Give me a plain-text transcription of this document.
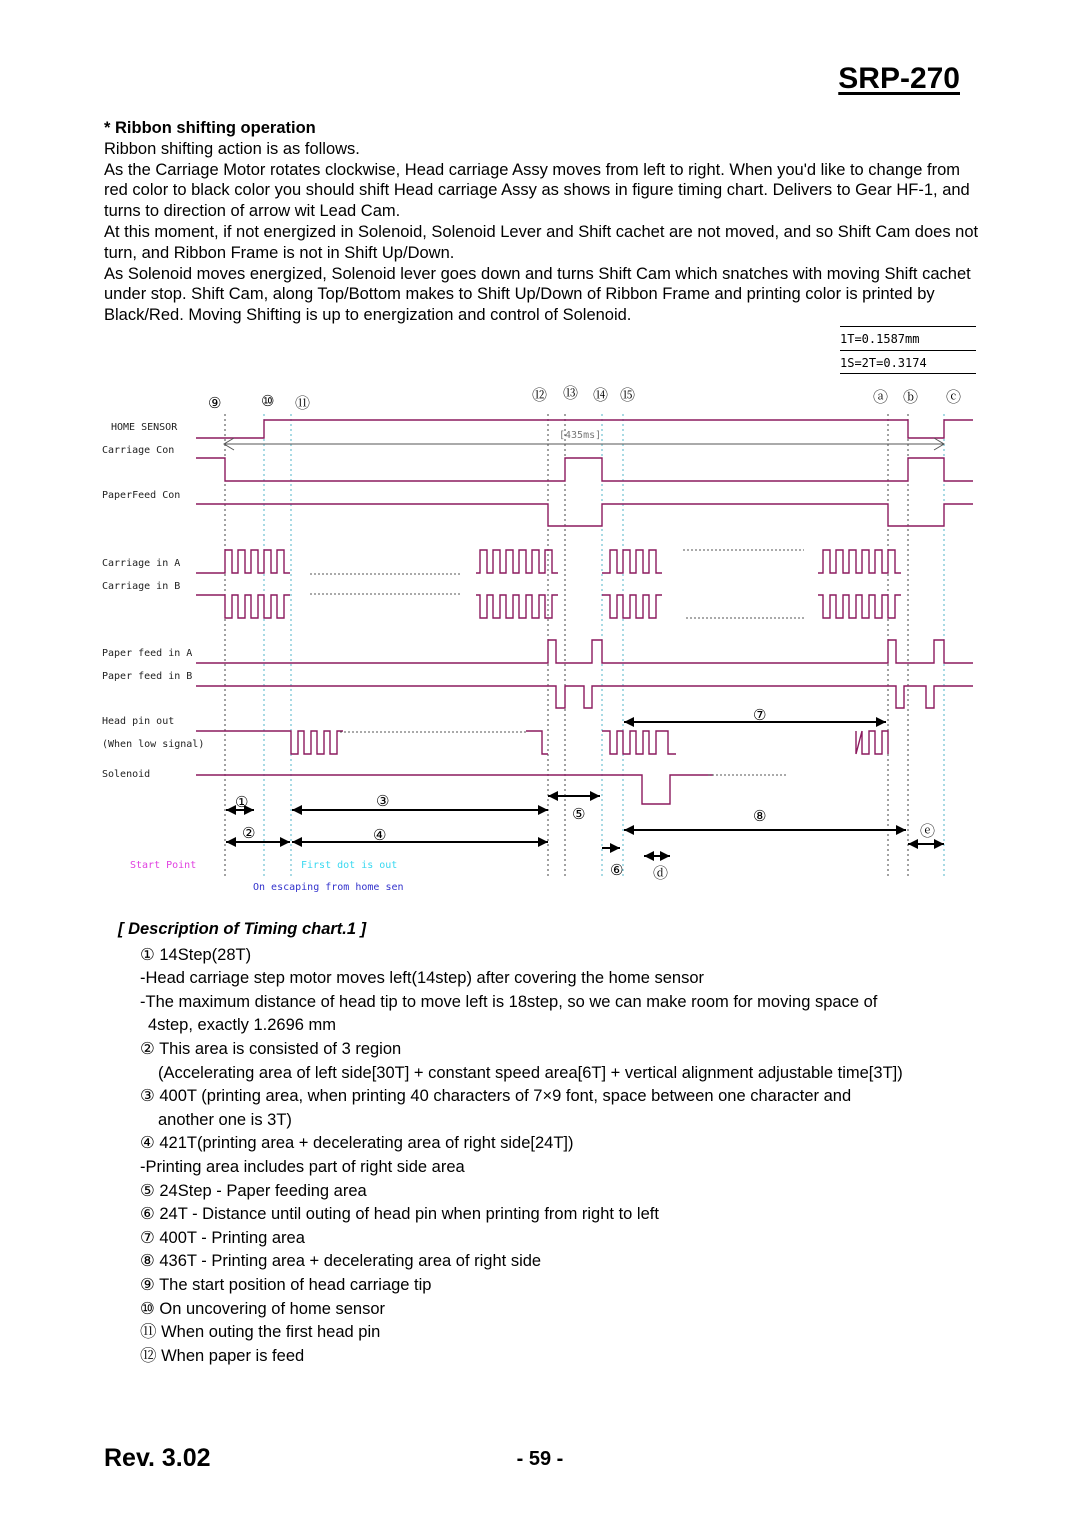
SRP-270

* Ribbon shifting operation

Ribbon shifting action is as follows.

As the Carriage Motor rotates clockwise, Head carriage Assy moves from left to right. When you'd like to change from red color to black color you should shift Head carriage Assy as shows in figure timing chart. Delivers to Gear HF-1, and turns to direction of arrow wit Lead Cam.

At this moment, if not energized in Solenoid, Solenoid Lever and Shift cachet are not moved, and so Shift Cam does not turn, and Ribbon Frame is not in Shift Up/Down.

As Solenoid moves energized, Solenoid lever goes down and turns Shift Cam which snatches with moving Shift cachet under stop. Shift Cam, along Top/Bottom makes to Shift Up/Down of Ribbon Frame and printing color is printed by Black/Red. Moving Shifting is up to energization and control of Solenoid.

1T=0.1587mm
1S=2T=0.3174
HOME SENSOR
Carriage Con
PaperFeed Con
Carriage in A
Carriage in B
Paper feed in A
Paper feed in B
Head pin out
(When low signal)
Solenoid
[435ms]
⑨	⑩ ⑪	⑫ ⑬ ⑭ ⑮	ⓐ ⓑ ⓒ
①
②
③
④
⑤
⑥
⑦
⑧
ⓓ
ⓔ
Start Point	First dot is out
On escaping from home sen
[ Description of Timing chart.1 ]
① 14Step(28T)
-Head carriage step motor moves left(14step) after covering the home sensor
-The maximum distance of head tip to move left is 18step, so we can make room for moving space of
4step, exactly 1.2696 mm
② This area is consisted of 3 region
(Accelerating area of left side[30T] + constant speed area[6T] + vertical alignment adjustable time[3T])
③ 400T (printing area, when printing 40 characters of 7×9 font, space between one character and
another one is 3T)
④ 421T(printing area + decelerating area of right side[24T])
-Printing area includes part of right side area
⑤ 24Step - Paper feeding area
⑥ 24T - Distance until outing of head pin when printing from right to left
⑦ 400T - Printing area
⑧ 436T - Printing area + decelerating area of right side
⑨ The start position of head carriage tip
⑩ On uncovering of home sensor
⑪ When outing the first head pin
⑫ When paper is feed
Rev. 3.02	- 59 -
